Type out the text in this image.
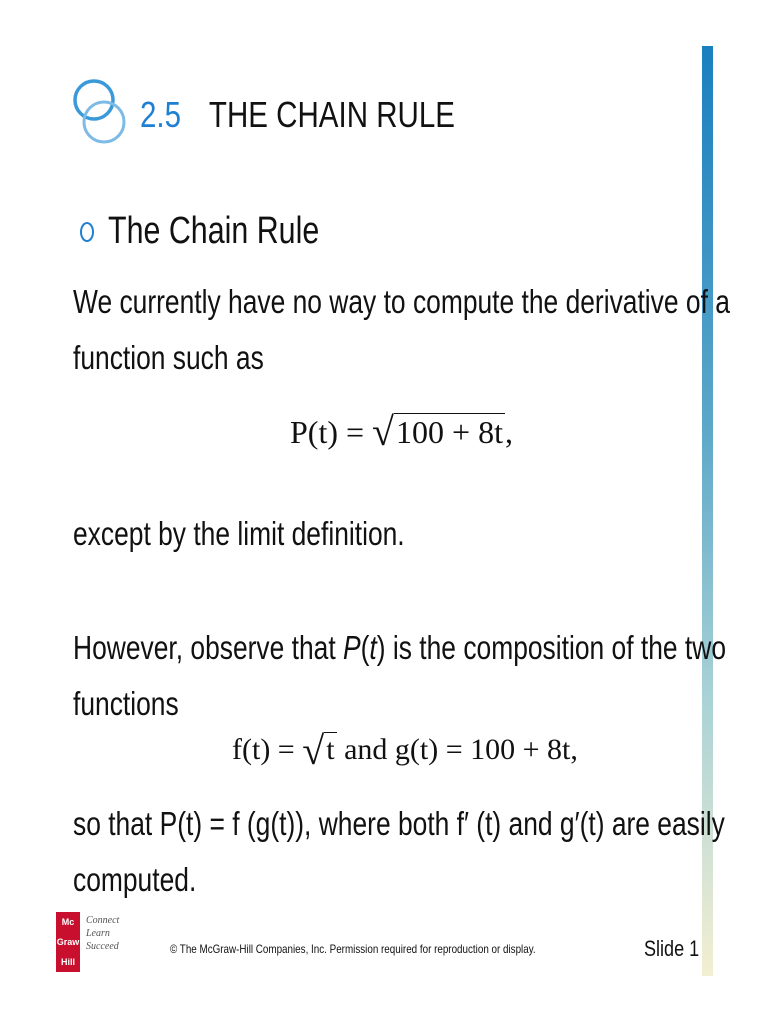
2.5 THE CHAIN RULE
The Chain Rule
We currently have no way to compute the derivative of a
function such as
P(t) = √ 100 + 8t,
except by the limit definition.
However, observe that P(t) is the composition of the two
functions
f(t) = √ t and g(t) = 100 + 8t,
so that P(t) = f (g(t)), where both f′ (t) and g′(t) are easily
computed.
Mc Graw Hill
Connect
Learn
Succeed	© The McGraw-Hill Companies, Inc. Permission required for reproduction or display.	Slide 1
